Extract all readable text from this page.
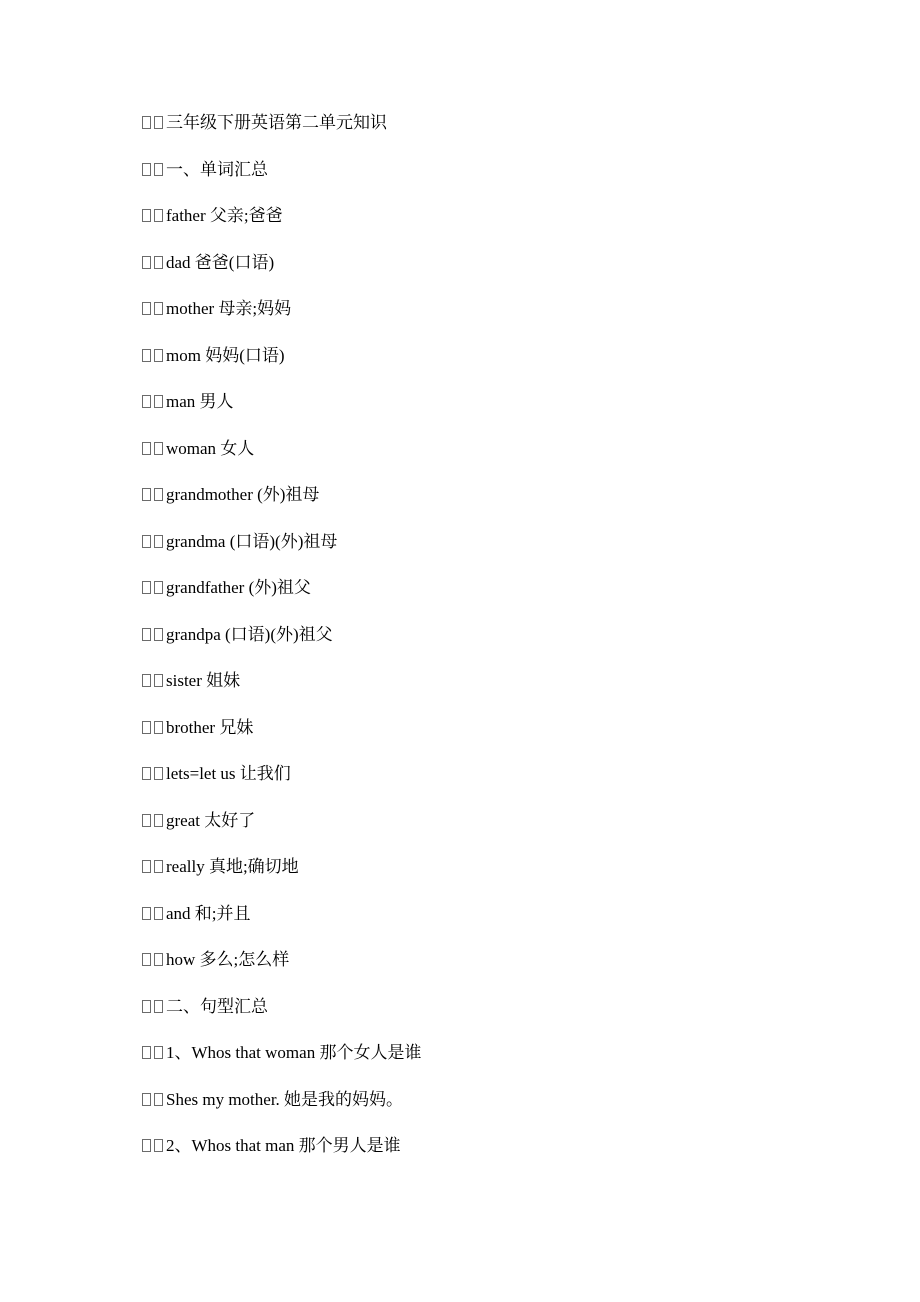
三年级下册英语第二单元知识
一、单词汇总
father 父亲;爸爸
dad 爸爸(口语)
mother 母亲;妈妈
mom 妈妈(口语)
man 男人
woman 女人
grandmother (外)祖母
grandma (口语)(外)祖母
grandfather (外)祖父
grandpa (口语)(外)祖父
sister 姐妹
brother 兄妹
lets=let us 让我们
great 太好了
really 真地;确切地
and 和;并且
how 多么;怎么样
二、句型汇总
1、Whos that woman 那个女人是谁
Shes my mother. 她是我的妈妈。
2、Whos that man 那个男人是谁
